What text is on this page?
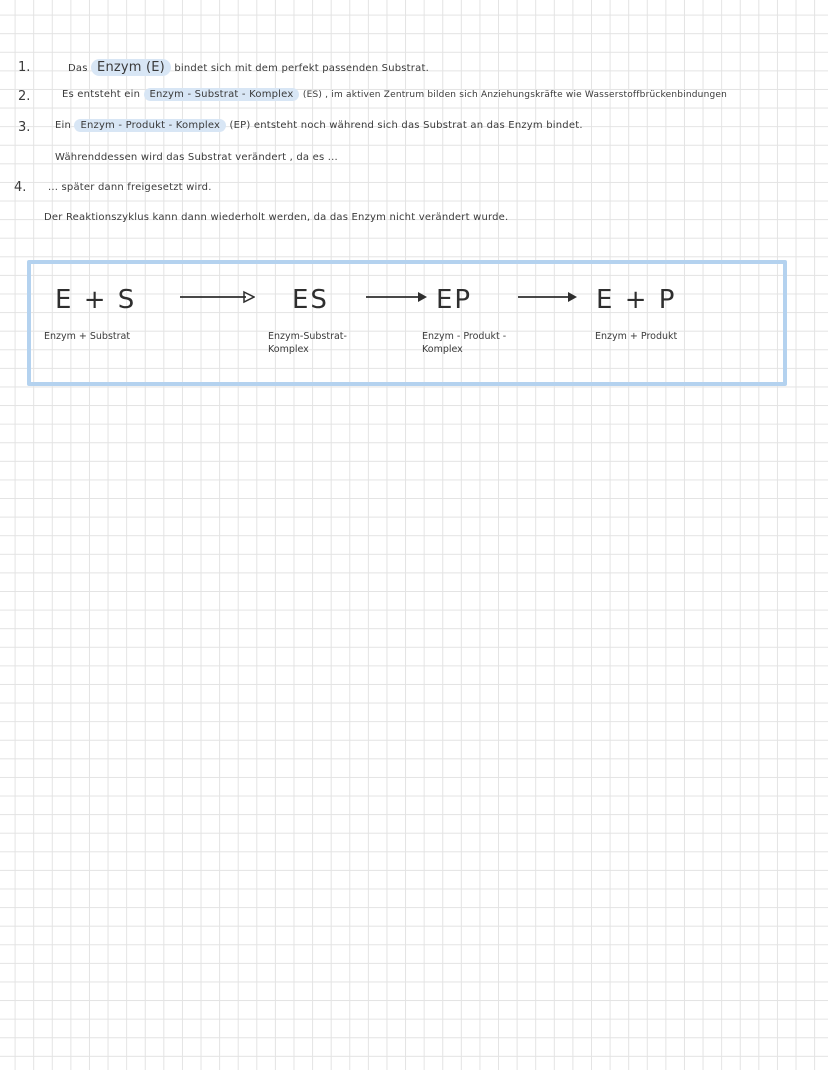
1.	Das Enzym (E) bindet sich mit dem perfekt passenden Substrat.
2.	Es entsteht ein Enzym - Substrat - Komplex (ES) , im aktiven Zentrum bilden sich Anziehungskräfte wie Wasserstoffbrückenbindungen
3. Ein Enzym - Produkt - Komplex (EP) entsteht noch während sich das Substrat an das Enzym bindet.
Währenddessen wird das Substrat verändert , da es ...
4. ... später dann freigesetzt wird.
Der Reaktionszyklus kann dann wiederholt werden, da das Enzym nicht verändert wurde.
E + S
Enzym + Substrat
ES
Enzym-Substrat-
Komplex
EP
Enzym - Produkt -
Komplex
E + P
Enzym + Produkt
